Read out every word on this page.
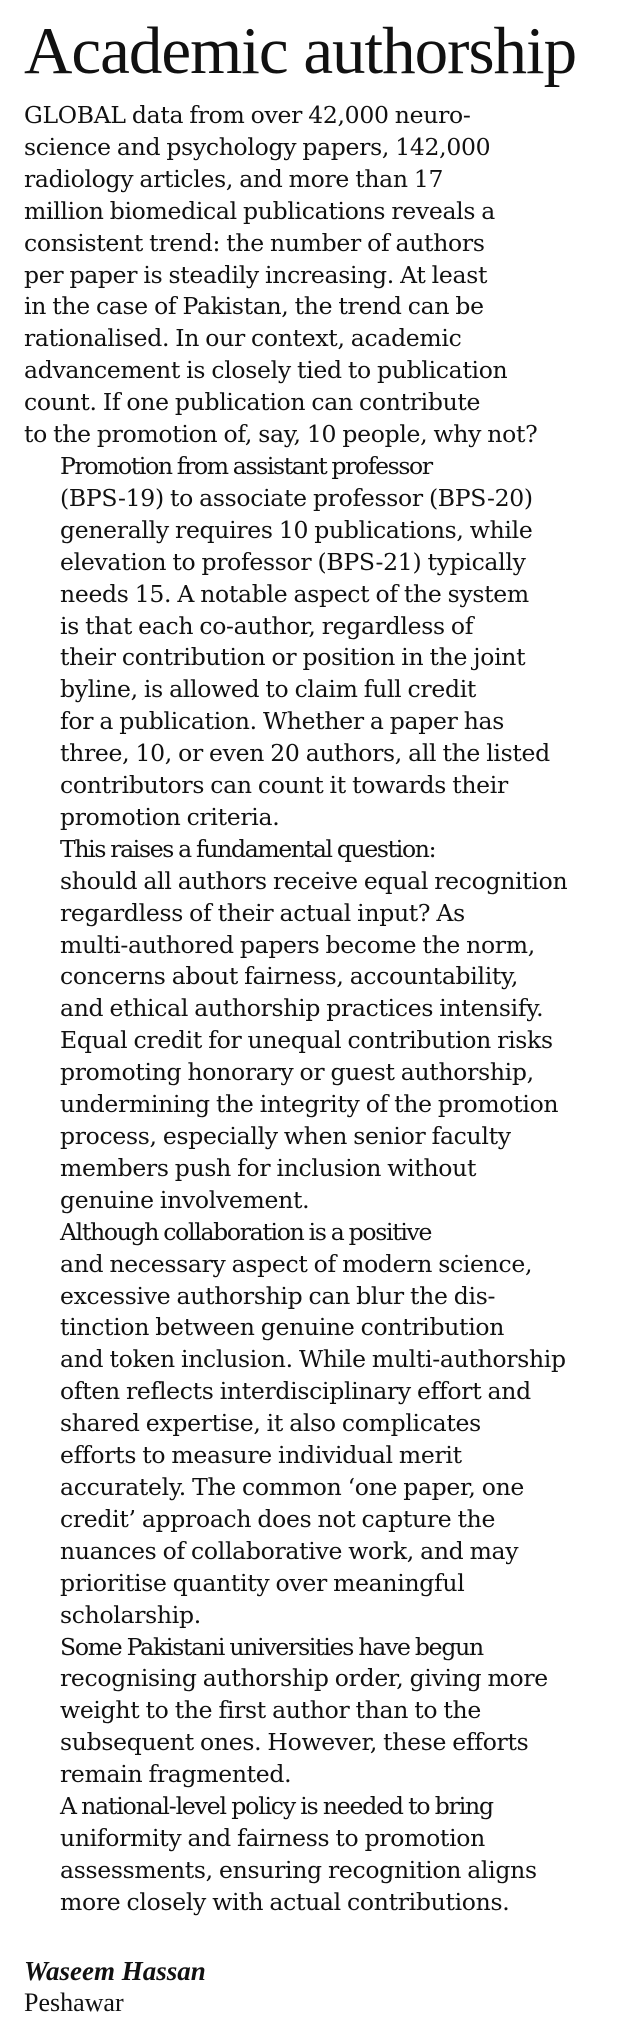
Academic authorship

GLOBAL data from over 42,000 neuro-
science and psychology papers, 142,000
radiology articles, and more than 17
million biomedical publications reveals a
consistent trend: the number of authors
per paper is steadily increasing. At least
in the case of Pakistan, the trend can be
rationalised. In our context, academic
advancement is closely tied to publication
count. If one publication can contribute
to the promotion of, say, 10 people, why not?

Promotion from assistant professor
(BPS-19) to associate professor (BPS-20)
generally requires 10 publications, while
elevation to professor (BPS-21) typically
needs 15. A notable aspect of the system
is that each co-author, regardless of
their contribution or position in the joint
byline, is allowed to claim full credit
for a publication. Whether a paper has
three, 10, or even 20 authors, all the listed
contributors can count it towards their
promotion criteria.

This raises a fundamental question:
should all authors receive equal recognition
regardless of their actual input? As
multi-authored papers become the norm,
concerns about fairness, accountability,
and ethical authorship practices intensify.
Equal credit for unequal contribution risks
promoting honorary or guest authorship,
undermining the integrity of the promotion
process, especially when senior faculty
members push for inclusion without
genuine involvement.

Although collaboration is a positive
and necessary aspect of modern science,
excessive authorship can blur the dis-
tinction between genuine contribution
and token inclusion. While multi-authorship
often reflects interdisciplinary effort and
shared expertise, it also complicates
efforts to measure individual merit
accurately. The common ‘one paper, one
credit’ approach does not capture the
nuances of collaborative work, and may
prioritise quantity over meaningful
scholarship.

Some Pakistani universities have begun
recognising authorship order, giving more
weight to the first author than to the
subsequent ones. However, these efforts
remain fragmented.

A national-level policy is needed to bring
uniformity and fairness to promotion
assessments, ensuring recognition aligns
more closely with actual contributions.

Waseem Hassan
Peshawar
